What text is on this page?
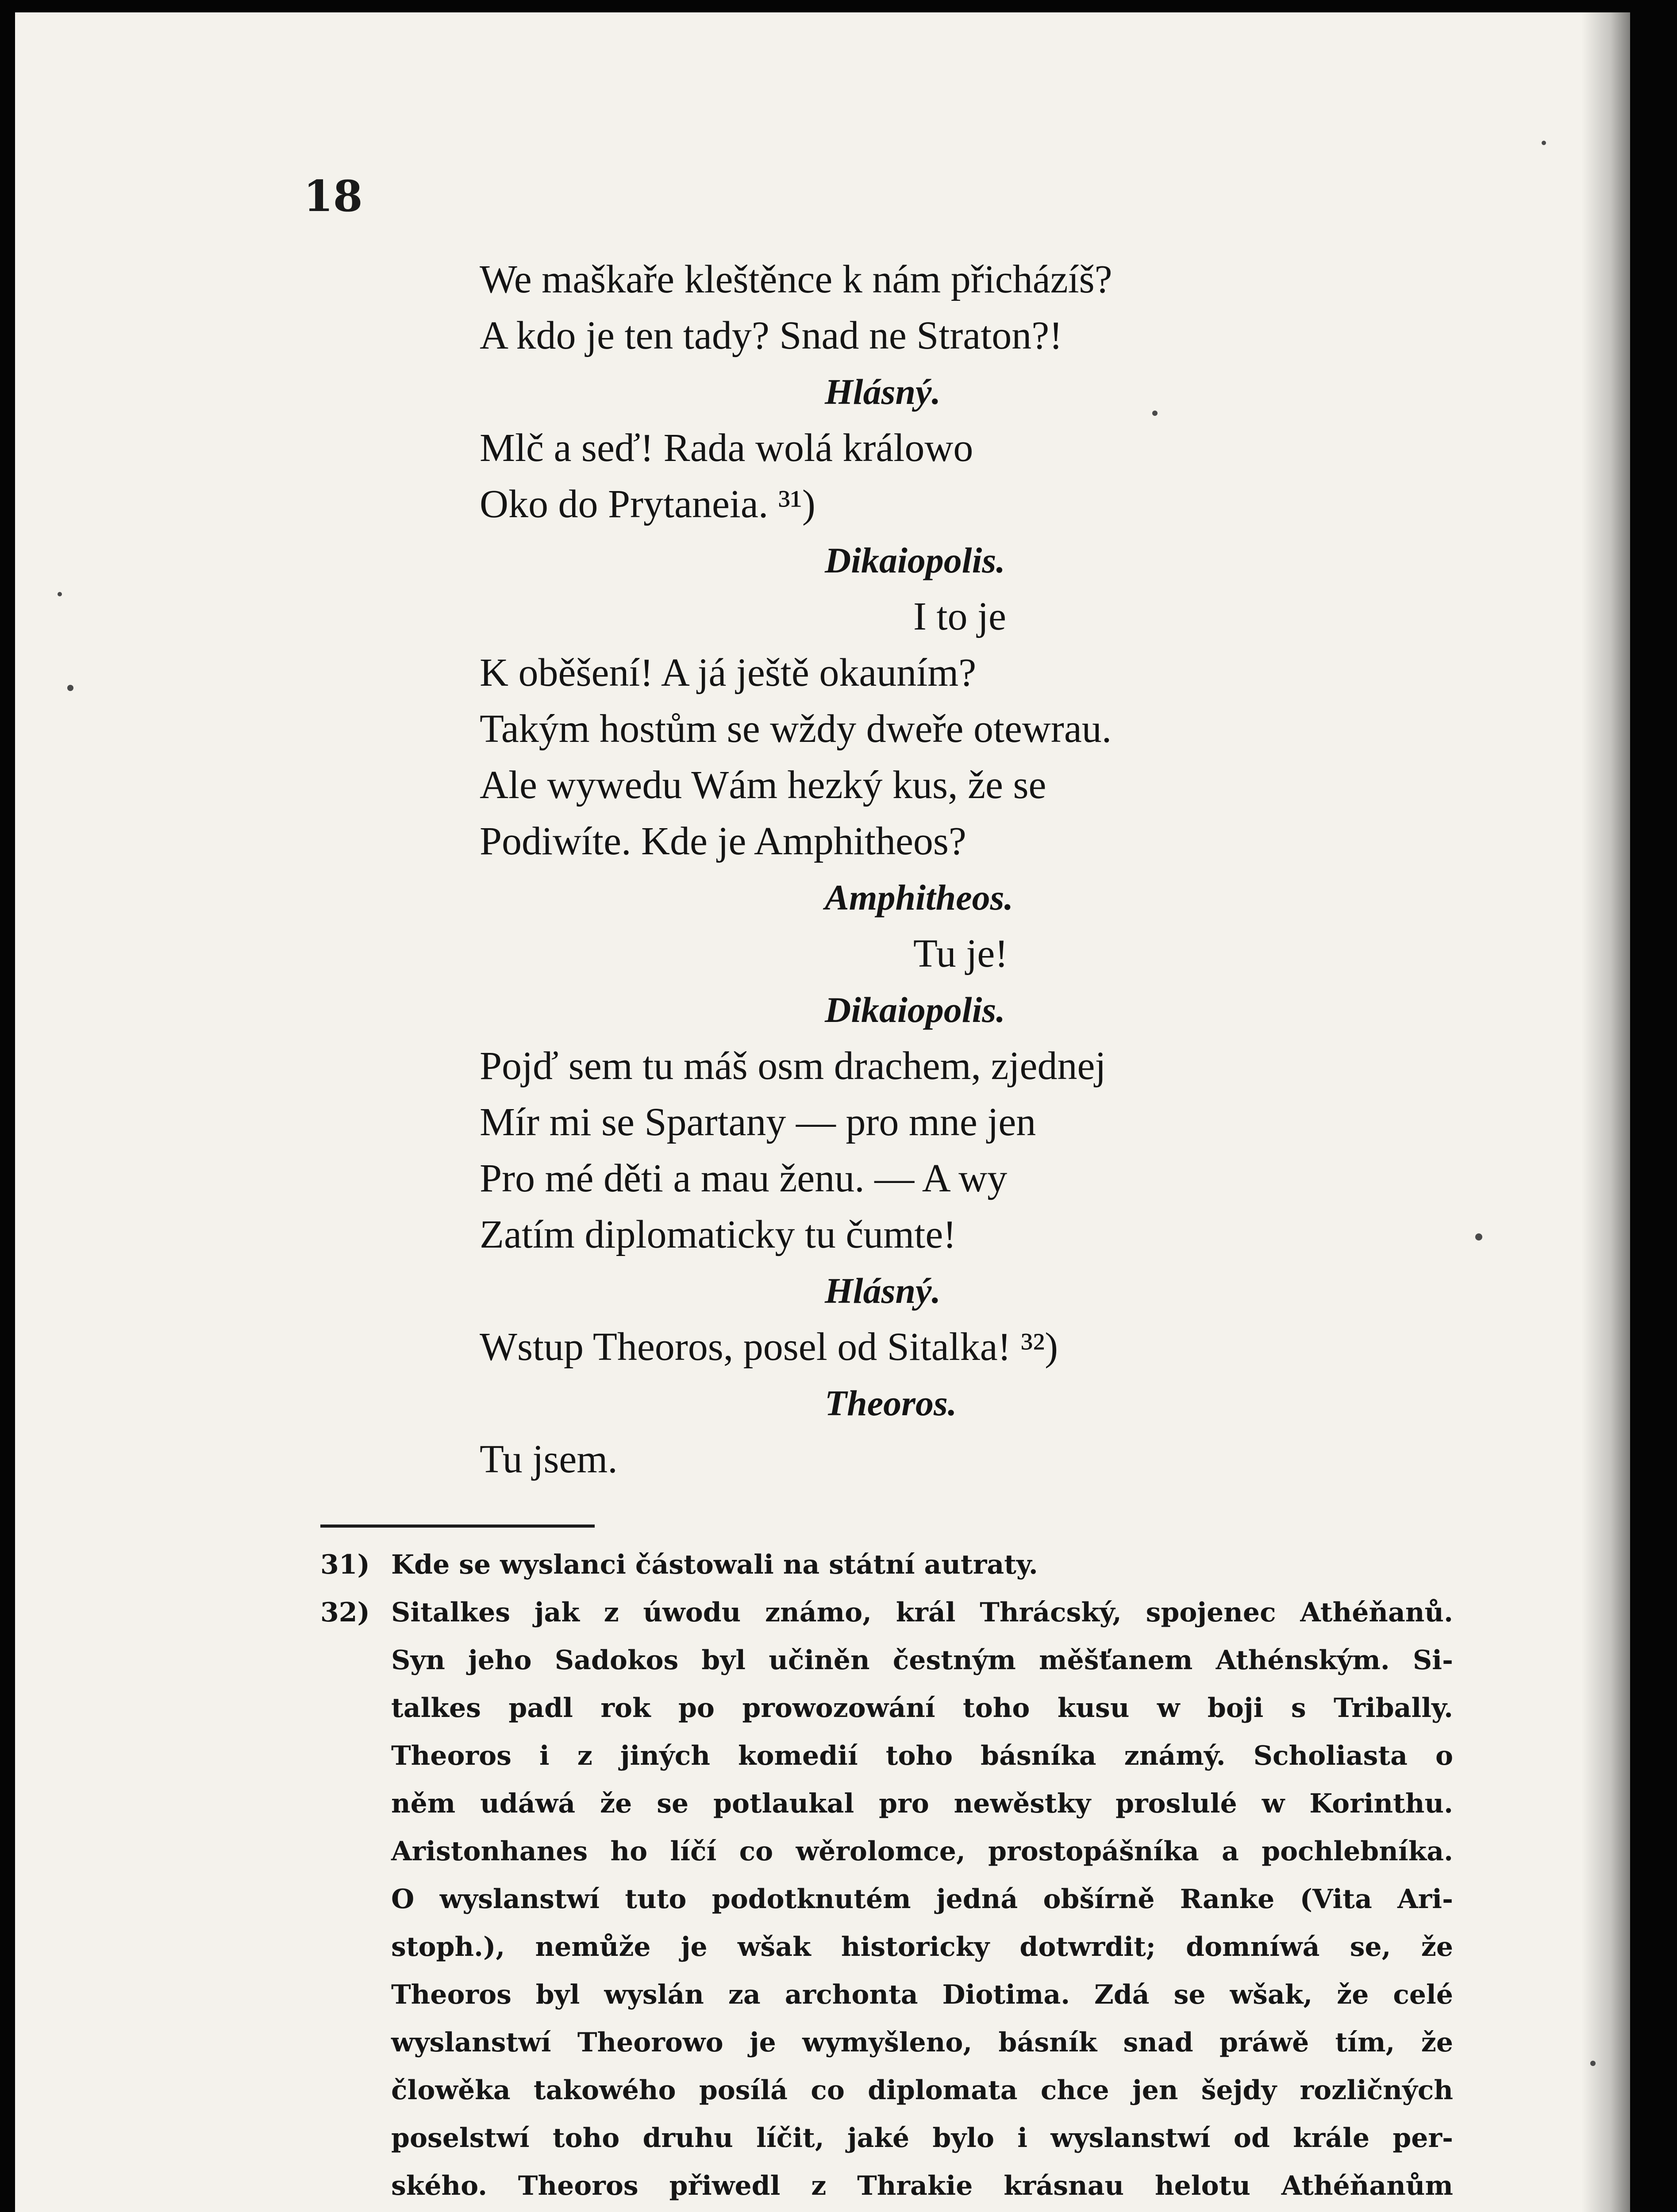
18
We maškaře kleštěnce k nám přicházíš?
A kdo je ten tady? Snad ne Straton?!
Hlásný.
Mlč a seď! Rada wolá králowo
Oko do Prytaneia. ³¹)
Dikaiopolis.
I to je
K oběšení! A já ještě okauním?
Takým hostům se wždy dweře otewrau.
Ale wywedu Wám hezký kus, že se
Podiwíte. Kde je Amphitheos?
Amphitheos.
Tu je!
Dikaiopolis.
Pojď sem tu máš osm drachem, zjednej
Mír mi se Spartany — pro mne jen
Pro mé děti a mau ženu. — A wy
Zatím diplomaticky tu čumte!
Hlásný.
Wstup Theoros, posel od Sitalka! ³²)
Theoros.
Tu jsem.
31) Kde se wyslanci částowali na státní autraty.
32) Sitalkes jak z úwodu známo, král Thrácský, spojenec Athéňanů.
Syn jeho Sadokos byl učiněn čestným měšťanem Athénským. Si-
talkes padl rok po prowozowání toho kusu w boji s Tribally.
Theoros i z jiných komedií toho básníka známý. Scholiasta o
něm udáwá že se potlaukal pro newěstky proslulé w Korinthu.
Aristonhanes ho líčí co wěrolomce, prostopášníka a pochlebníka.
O wyslanstwí tuto podotknutém jedná obšírně Ranke (Vita Ari-
stoph.), nemůže je wšak historicky dotwrdit; domníwá se, že
Theoros byl wyslán za archonta Diotima. Zdá se wšak, že celé
wyslanstwí Theorowo je wymyšleno, básník snad práwě tím, že
člowěka takowého posílá co diplomata chce jen šejdy rozličných
poselstwí toho druhu líčit, jaké bylo i wyslanstwí od krále per-
ského. Theoros přiwedl z Thrakie krásnau helotu Athéňanům
